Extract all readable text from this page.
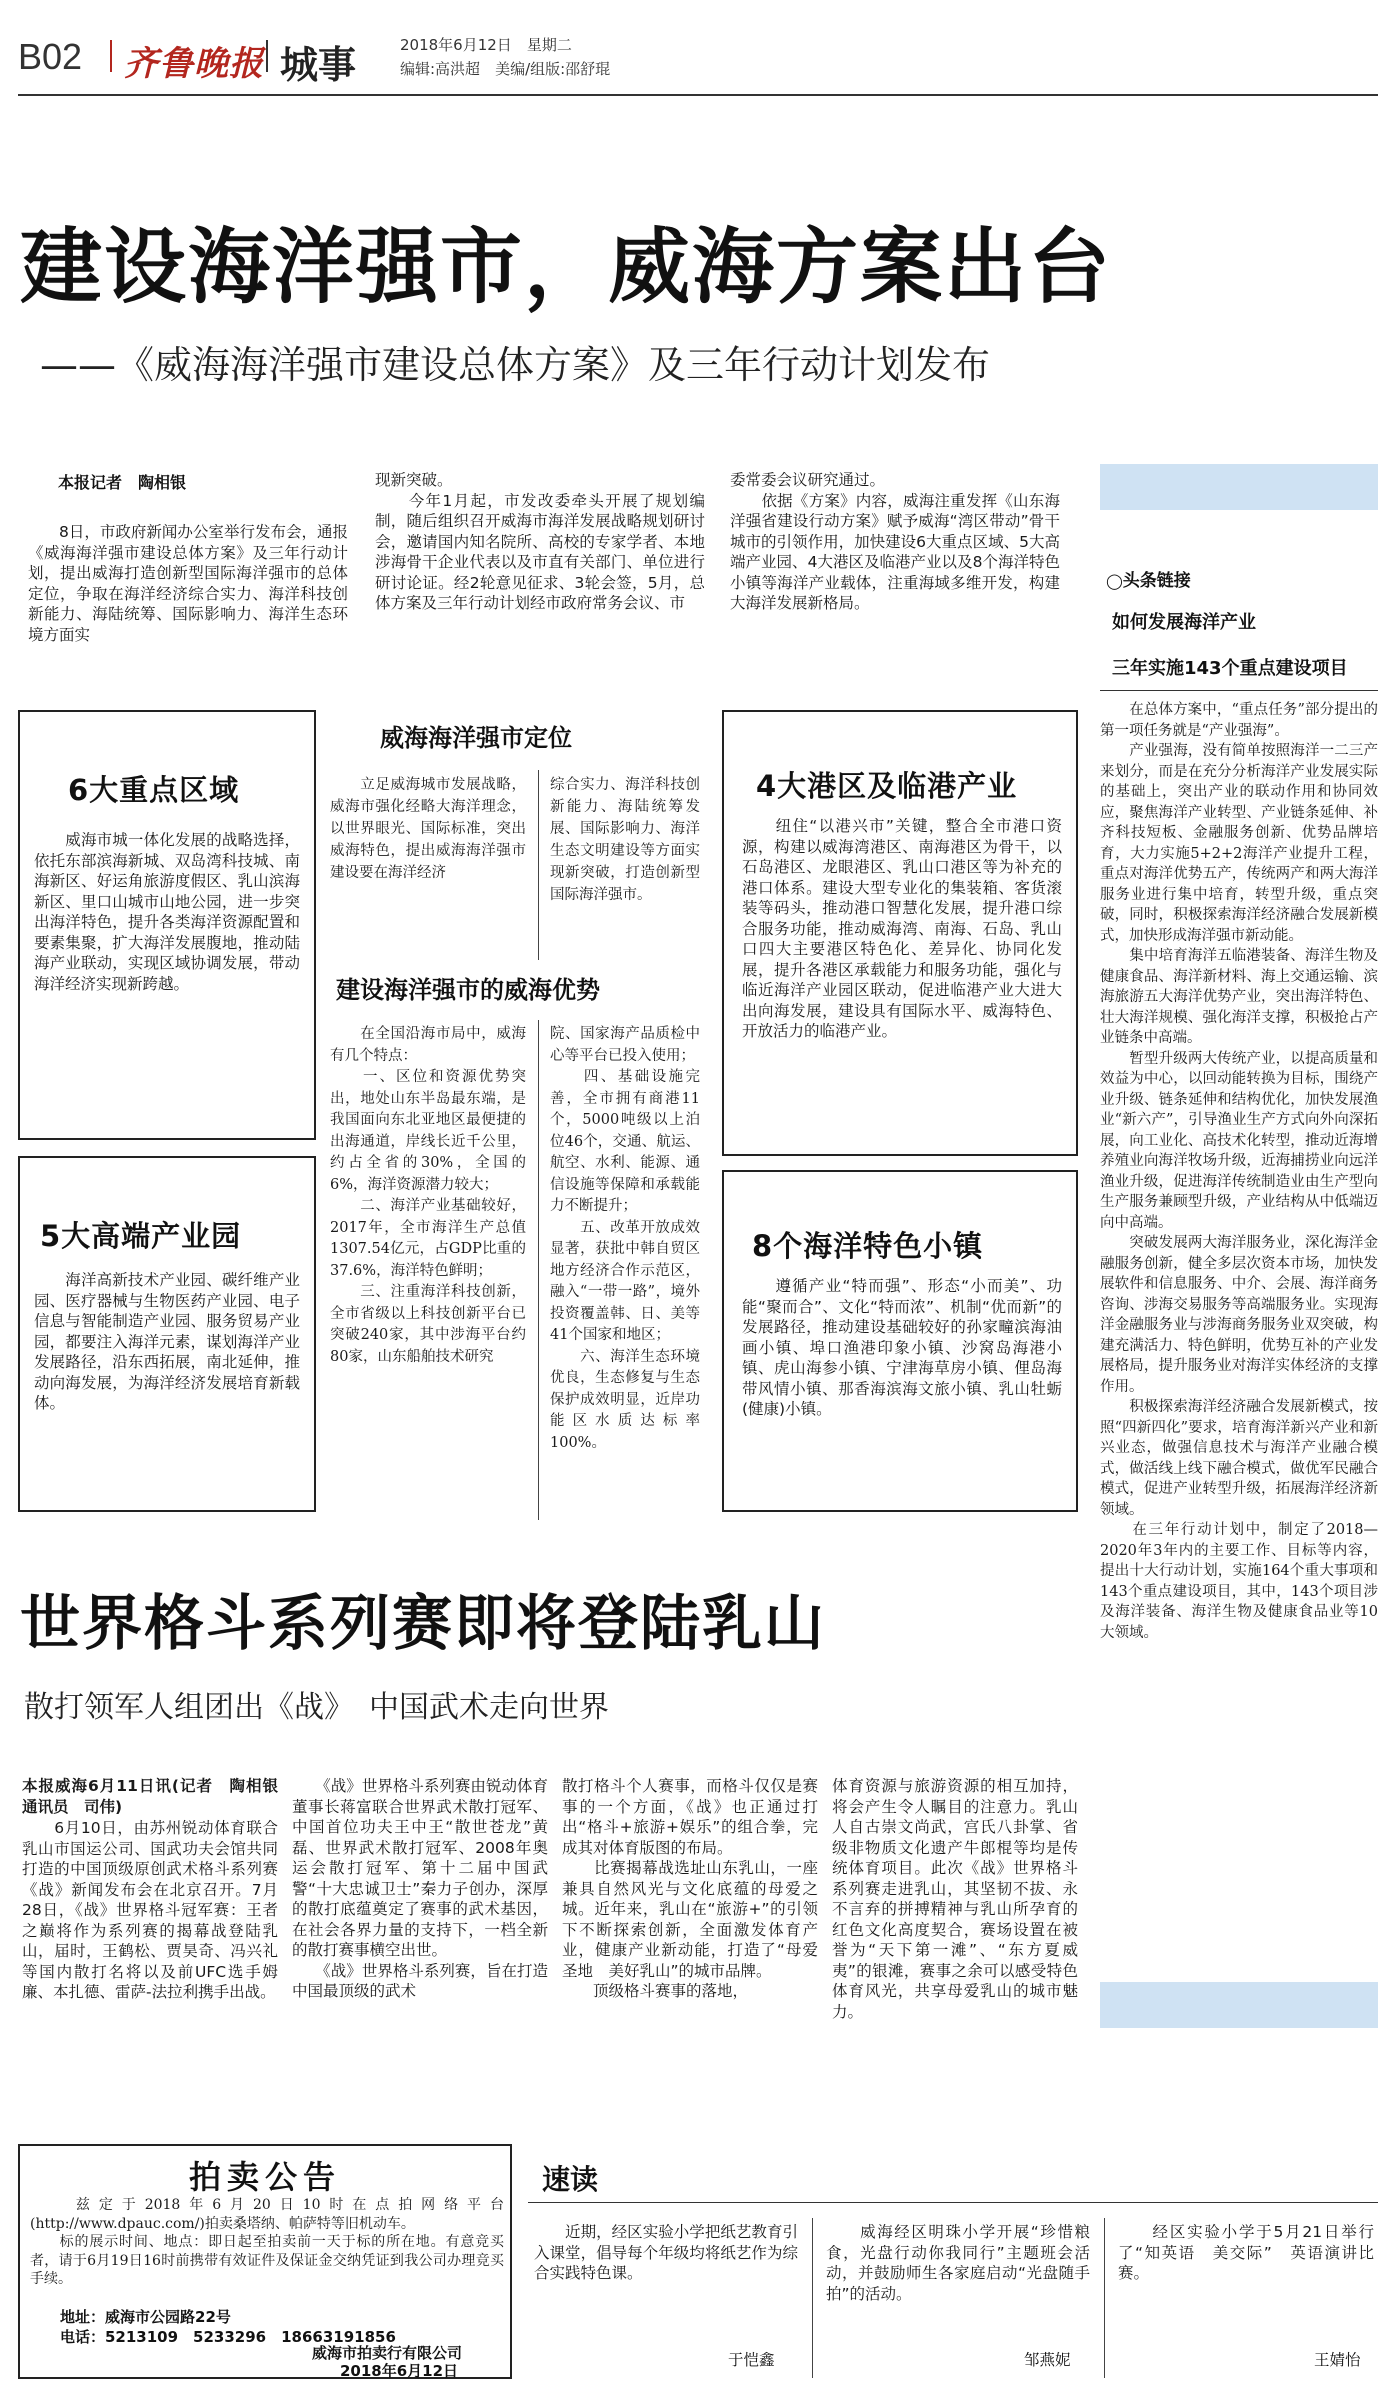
B02 齐鲁晚报 城事	2018年6月12日　 星期二
编辑:高洪超　 美编/组版:邵舒琨
建设海洋强市，威海方案出台
——《威海海洋强市建设总体方案》及三年行动计划发布
本报记者　陶相银
　　8日，市政府新闻办公室举行发布会，通报《威海海洋强市建设总体方案》及三年行动计划，提出威海打造创新型国际海洋强市的总体定位，争取在海洋经济综合实力、海洋科技创新能力、海陆统筹、国际影响力、海洋生态环境方面实
现新突破。
　　今年1月起，市发改委牵头开展了规划编制，随后组织召开威海市海洋发展战略规划研讨会，邀请国内知名院所、高校的专家学者、本地涉海骨干企业代表以及市直有关部门、单位进行研讨论证。经2轮意见征求、3轮会签，5月，总体方案及三年行动计划经市政府常务会议、市
委常委会议研究通过。
　　依据《方案》内容，威海注重发挥《山东海洋强省建设行动方案》赋予威海“湾区带动”骨干城市的引领作用，加快建设6大重点区域、5大高端产业园、4大港区及临港产业以及8个海洋特色小镇等海洋产业载体，注重海域多维开发，构建大海洋发展新格局。
◯头条链接
如何发展海洋产业
三年实施143个重点建设项目
　　在总体方案中，“重点任务”部分提出的第一项任务就是“产业强海”。
　　产业强海，没有简单按照海洋一二三产来划分，而是在充分分析海洋产业发展实际的基础上，突出产业的联动作用和协同效应，聚焦海洋产业转型、产业链条延伸、补齐科技短板、金融服务创新、优势品牌培育，大力实施5+2+2海洋产业提升工程，重点对海洋优势五产，传统两产和两大海洋服务业进行集中培育，转型升级，重点突破，同时，积极探索海洋经济融合发展新模式，加快形成海洋强市新动能。
　　集中培育海洋五临港装备、海洋生物及健康食品、海洋新材料、海上交通运输、滨海旅游五大海洋优势产业，突出海洋特色、壮大海洋规模、强化海洋支撑，积极抢占产业链条中高端。
　　暂型升级两大传统产业，以提高质量和效益为中心，以回动能转换为目标，围绕产业升级、链条延伸和结构优化，加快发展渔业“新六产”，引导渔业生产方式向外向深拓展，向工业化、高技术化转型，推动近海增养殖业向海洋牧场升级，近海捕捞业向远洋渔业升级，促进海洋传统制造业由生产型向生产服务兼顾型升级，产业结构从中低端迈向中高端。
　　突破发展两大海洋服务业，深化海洋金融服务创新，健全多层次资本市场，加快发展软件和信息服务、中介、会展、海洋商务咨询、涉海交易服务等高端服务业。实现海洋金融服务业与涉海商务服务业双突破，构建充满活力、特色鲜明，优势互补的产业发展格局，提升服务业对海洋实体经济的支撑作用。
　　积极探索海洋经济融合发展新模式，按照“四新四化”要求，培育海洋新兴产业和新兴业态，做强信息技术与海洋产业融合模式，做活线上线下融合模式，做优军民融合模式，促进产业转型升级，拓展海洋经济新领域。
　　在三年行动计划中，制定了2018—2020年3年内的主要工作、目标等内容，提出十大行动计划，实施164个重大事项和143个重点建设项目，其中，143个项目涉及海洋装备、海洋生物及健康食品业等10大领域。
6大重点区域
　　威海市城一体化发展的战略选择，依托东部滨海新城、双岛湾科技城、南海新区、好运角旅游度假区、乳山滨海新区、里口山城市山地公园，进一步突出海洋特色，提升各类海洋资源配置和要素集聚，扩大海洋发展腹地，推动陆海产业联动，实现区域协调发展，带动海洋经济实现新跨越。
5大高端产业园
　　海洋高新技术产业园、碳纤维产业园、医疗器械与生物医药产业园、电子信息与智能制造产业园、服务贸易产业园，都要注入海洋元素，谋划海洋产业发展路径，沿东西拓展，南北延伸，推动向海发展，为海洋经济发展培育新载体。
威海海洋强市定位
　　立足威海城市发展战略，威海市强化经略大海洋理念，以世界眼光、国际标准，突出威海特色，提出威海海洋强市建设要在海洋经济
综合实力、海洋科技创新能力、海陆统筹发展、国际影响力、海洋生态文明建设等方面实现新突破，打造创新型国际海洋强市。
建设海洋强市的威海优势
　　在全国沿海市局中，威海有几个特点：
　　一、区位和资源优势突出，地处山东半岛最东端，是我国面向东北亚地区最便捷的出海通道，岸线长近千公里，约占全省的30%，全国的6%，海洋资源潜力较大；
　　二、海洋产业基础较好，2017年，全市海洋生产总值1307.54亿元，占GDP比重的37.6%，海洋特色鲜明；
　　三、注重海洋科技创新，全市省级以上科技创新平台已突破240家，其中涉海平台约80家，山东船舶技术研究
院、国家海产品质检中心等平台已投入使用；
　　四、基础设施完善，全市拥有商港11个，5000吨级以上泊位46个，交通、航运、航空、水利、能源、通信设施等保障和承载能力不断提升；
　　五、改革开放成效显著，获批中韩自贸区地方经济合作示范区，融入“一带一路”，境外投资覆盖韩、日、美等41个国家和地区；
　　六、海洋生态环境优良，生态修复与生态保护成效明显，近岸功能区水质达标率100%。
4大港区及临港产业
　　纽住“以港兴市”关键，整合全市港口资源，构建以威海湾港区、南海港区为骨干，以石岛港区、龙眼港区、乳山口港区等为补充的港口体系。建设大型专业化的集装箱、客货滚装等码头，推动港口智慧化发展，提升港口综合服务功能，推动威海湾、南海、石岛、乳山口四大主要港区特色化、差异化、协同化发展，提升各港区承载能力和服务功能，强化与临近海洋产业园区联动，促进临港产业大进大出向海发展，建设具有国际水平、威海特色、开放活力的临港产业。
8个海洋特色小镇
　　遵循产业“特而强”、形态“小而美”、功能“聚而合”、文化“特而浓”、机制“优而新”的发展路径，推动建设基础较好的孙家疃滨海油画小镇、埠口渔港印象小镇、沙窝岛海港小镇、虎山海参小镇、宁津海草房小镇、俚岛海带风情小镇、那香海滨海文旅小镇、乳山牡蛎(健康)小镇。
世界格斗系列赛即将登陆乳山
散打领军人组团出《战》　中国武术走向世界
本报威海6月11日讯(记者　陶相银　通讯员　司伟)
　　6月10日，由苏州锐动体育联合乳山市国运公司、国武功夫会馆共同打造的中国顶级原创武术格斗系列赛《战》新闻发布会在北京召开。7月28日，《战》世界格斗冠军赛：王者之巅将作为系列赛的揭幕战登陆乳山，届时，王鹤松、贾昊奇、冯兴礼等国内散打名将以及前UFC选手姆廉、本扎德、雷萨-法拉利携手出战。
　　《战》世界格斗系列赛由锐动体育董事长蒋富联合世界武术散打冠军、中国首位功夫王中王“散世苍龙”黄磊、世界武术散打冠军、2008年奥运会散打冠军、第十二届中国武警“十大忠诚卫士”秦力子创办，深厚的散打底蕴奠定了赛事的武术基因，在社会各界力量的支持下，一档全新的散打赛事横空出世。
　　《战》世界格斗系列赛，旨在打造中国最顶级的武术
散打格斗个人赛事，而格斗仅仅是赛事的一个方面，《战》也正通过打出“格斗+旅游+娱乐”的组合拳，完成其对体育版图的布局。
　　比赛揭幕战选址山东乳山，一座兼具自然风光与文化底蕴的母爱之城。近年来，乳山在“旅游+”的引领下不断探索创新，全面激发体育产业，健康产业新动能，打造了“母爱圣地　美好乳山”的城市品牌。
　　顶级格斗赛事的落地，
体育资源与旅游资源的相互加持，将会产生令人瞩目的注意力。乳山人自古崇文尚武，宫氏八卦掌、省级非物质文化遗产牛郎棍等均是传统体育项目。此次《战》世界格斗系列赛走进乳山，其坚韧不拔、永不言弃的拼搏精神与乳山所孕育的红色文化高度契合，赛场设置在被誉为“天下第一滩”、“东方夏威夷”的银滩，赛事之余可以感受特色体育风光，共享母爱乳山的城市魅力。
拍卖公告
　　兹定于2018年6月20日10时在点拍网络平台(http://www.dpauc.com/)拍卖桑塔纳、帕萨特等旧机动车。
　　标的展示时间、地点：即日起至拍卖前一天于标的所在地。有意竞买者，请于6月19日16时前携带有效证件及保证金交纳凭证到我公司办理竞买手续。
地址：威海市公园路22号
电话：5213109　5233296　18663191856
威海市拍卖行有限公司
2018年6月12日
速读
　　近期，经区实验小学把纸艺教育引入课堂，倡导每个年级均将纸艺作为综合实践特色课。
于恺鑫
　　威海经区明珠小学开展“珍惜粮食，光盘行动你我同行”主题班会活动，并鼓励师生各家庭启动“光盘随手拍”的活动。
邹燕妮
　　经区实验小学于5月21日举行了“知英语　美交际”　英语演讲比赛。
王婧怡
